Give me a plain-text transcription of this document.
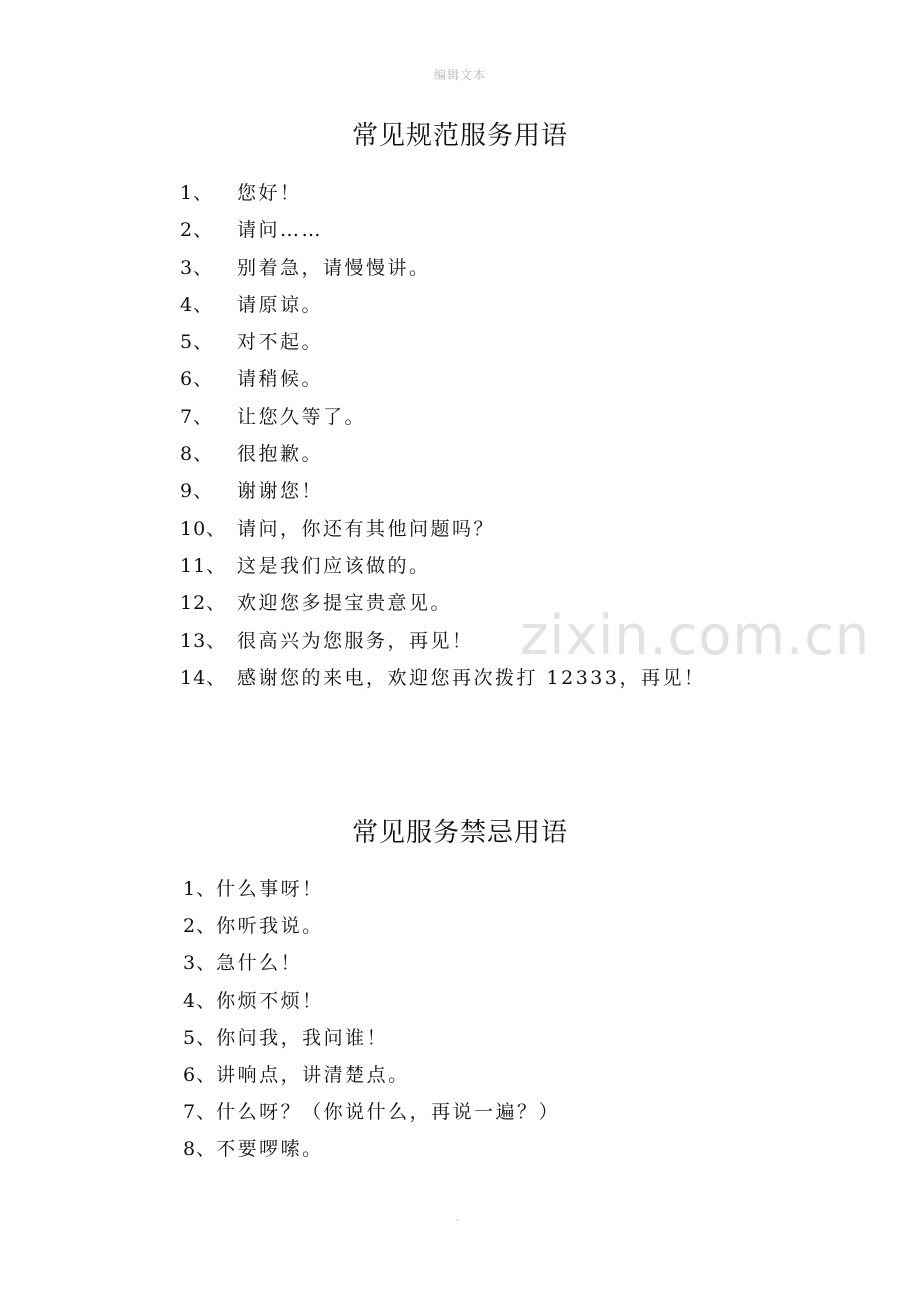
编辑文本
常见规范服务用语
1、 您好！
2、 请问……
3、 别着急，请慢慢讲。
4、 请原谅。
5、 对不起。
6、 请稍候。
7、 让您久等了。
8、 很抱歉。
9、 谢谢您！
10、 请问，你还有其他问题吗？
11、 这是我们应该做的。
12、 欢迎您多提宝贵意见。
13、 很高兴为您服务，再见！
14、 感谢您的来电，欢迎您再次拨打 12333，再见！
zixin.com.cn
常见服务禁忌用语
1、什么事呀！
2、你听我说。
3、急什么！
4、你烦不烦！
5、你问我，我问谁！
6、讲响点，讲清楚点。
7、什么呀？（你说什么，再说一遍？）
8、不要啰嗦。
.
